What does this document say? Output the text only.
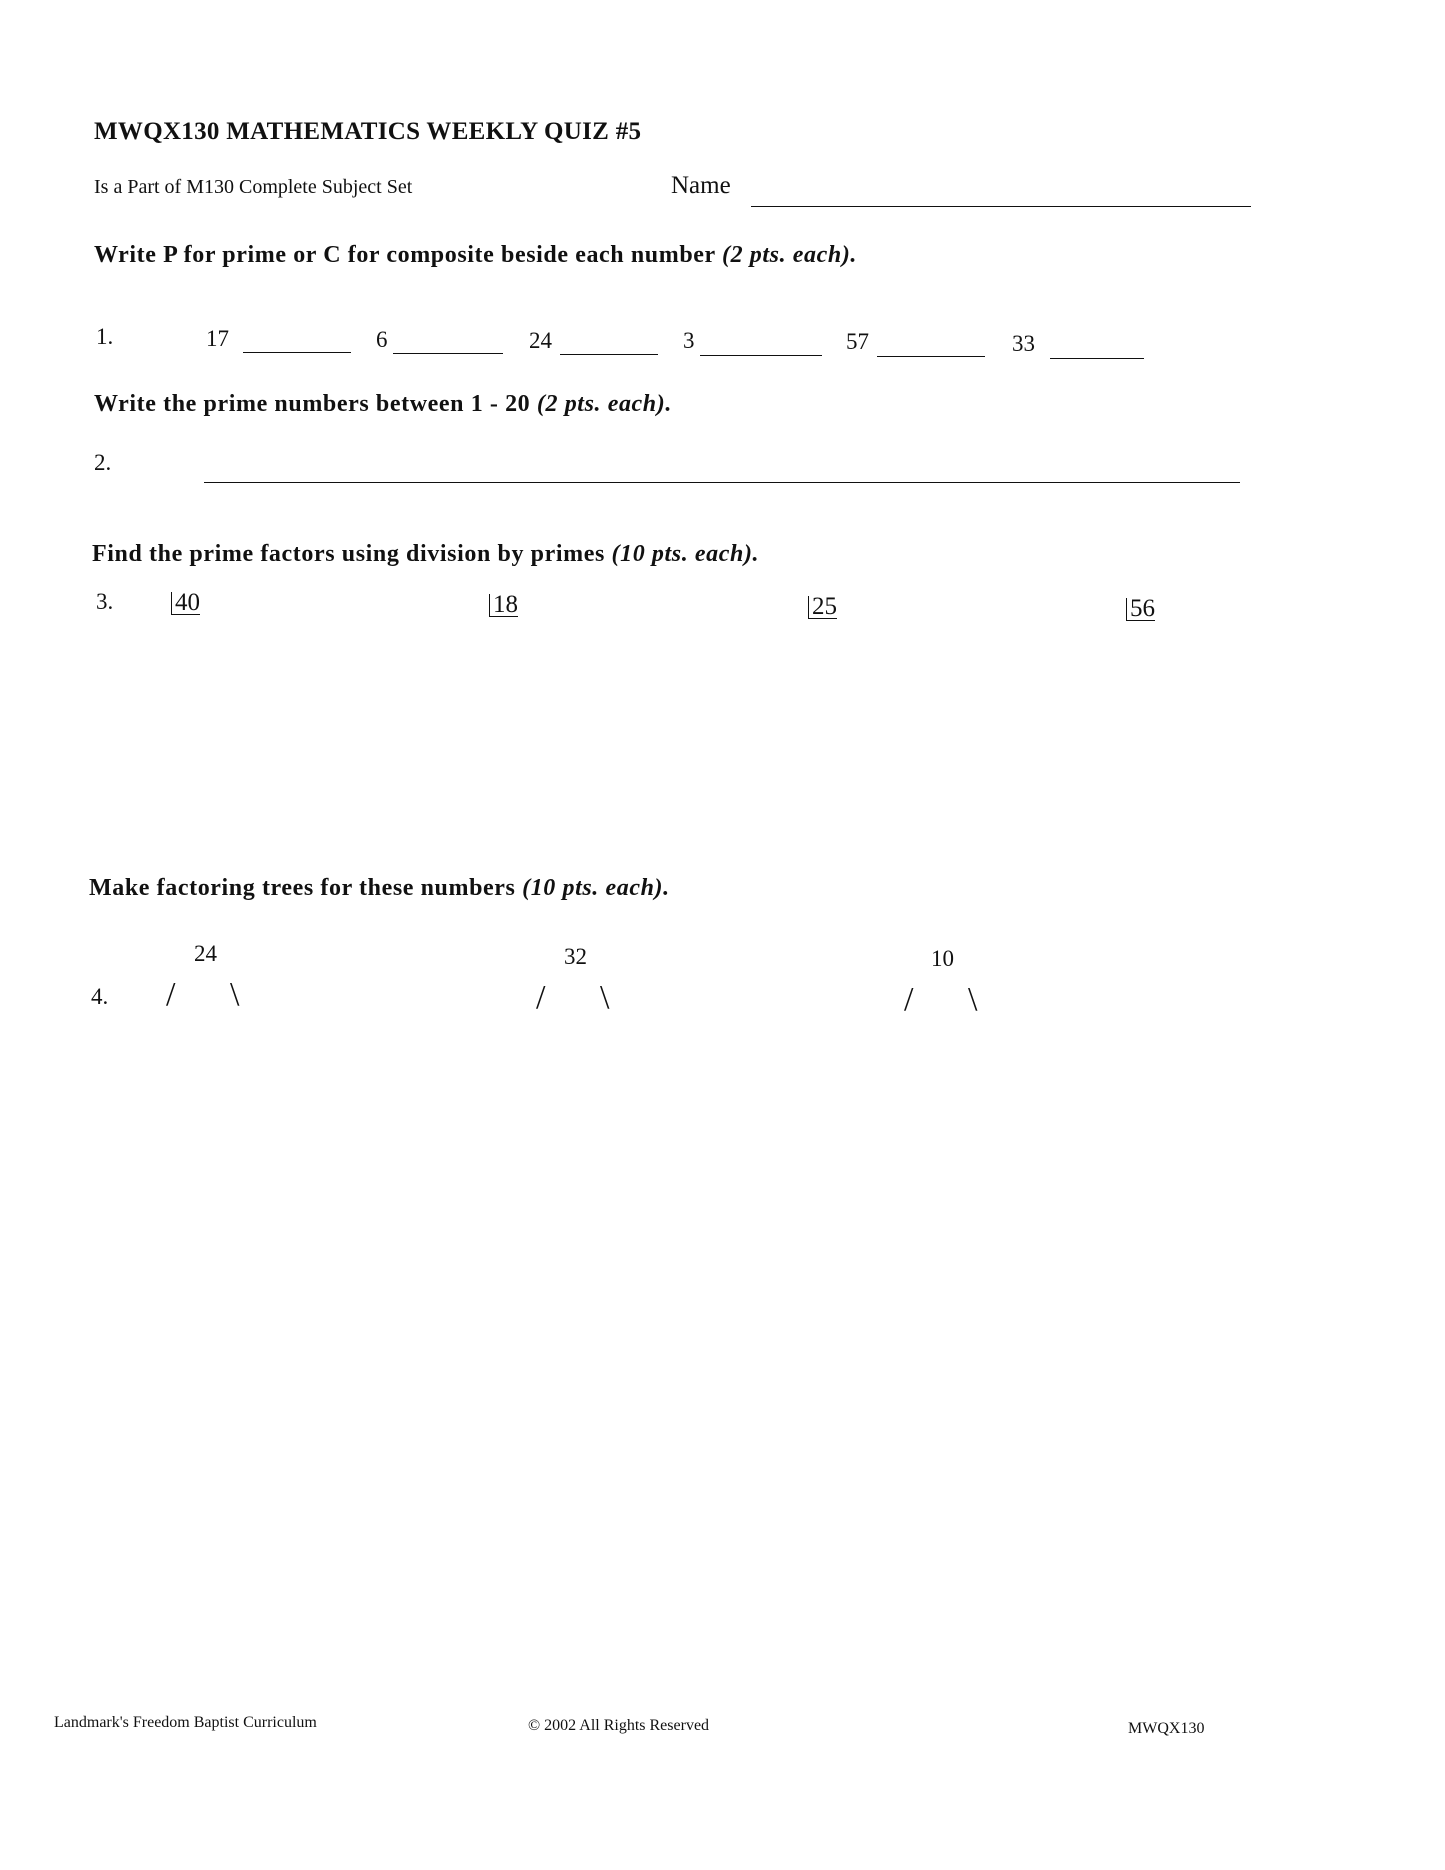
MWQX130 MATHEMATICS WEEKLY QUIZ #5
Is a Part of M130 Complete Subject Set	Name
Write P for prime or C for composite beside each number (2 pts. each).
1.	17	6	24	3	57	33
Write the prime numbers between 1 - 20 (2 pts. each).
2.
Find the prime factors using division by primes (10 pts. each).
3. 40	18	25	56
Make factoring trees for these numbers (10 pts. each).
4.
24
/ \
32
/ \
10
/ \
Landmark's Freedom Baptist Curriculum	© 2002 All Rights Reserved	MWQX130
